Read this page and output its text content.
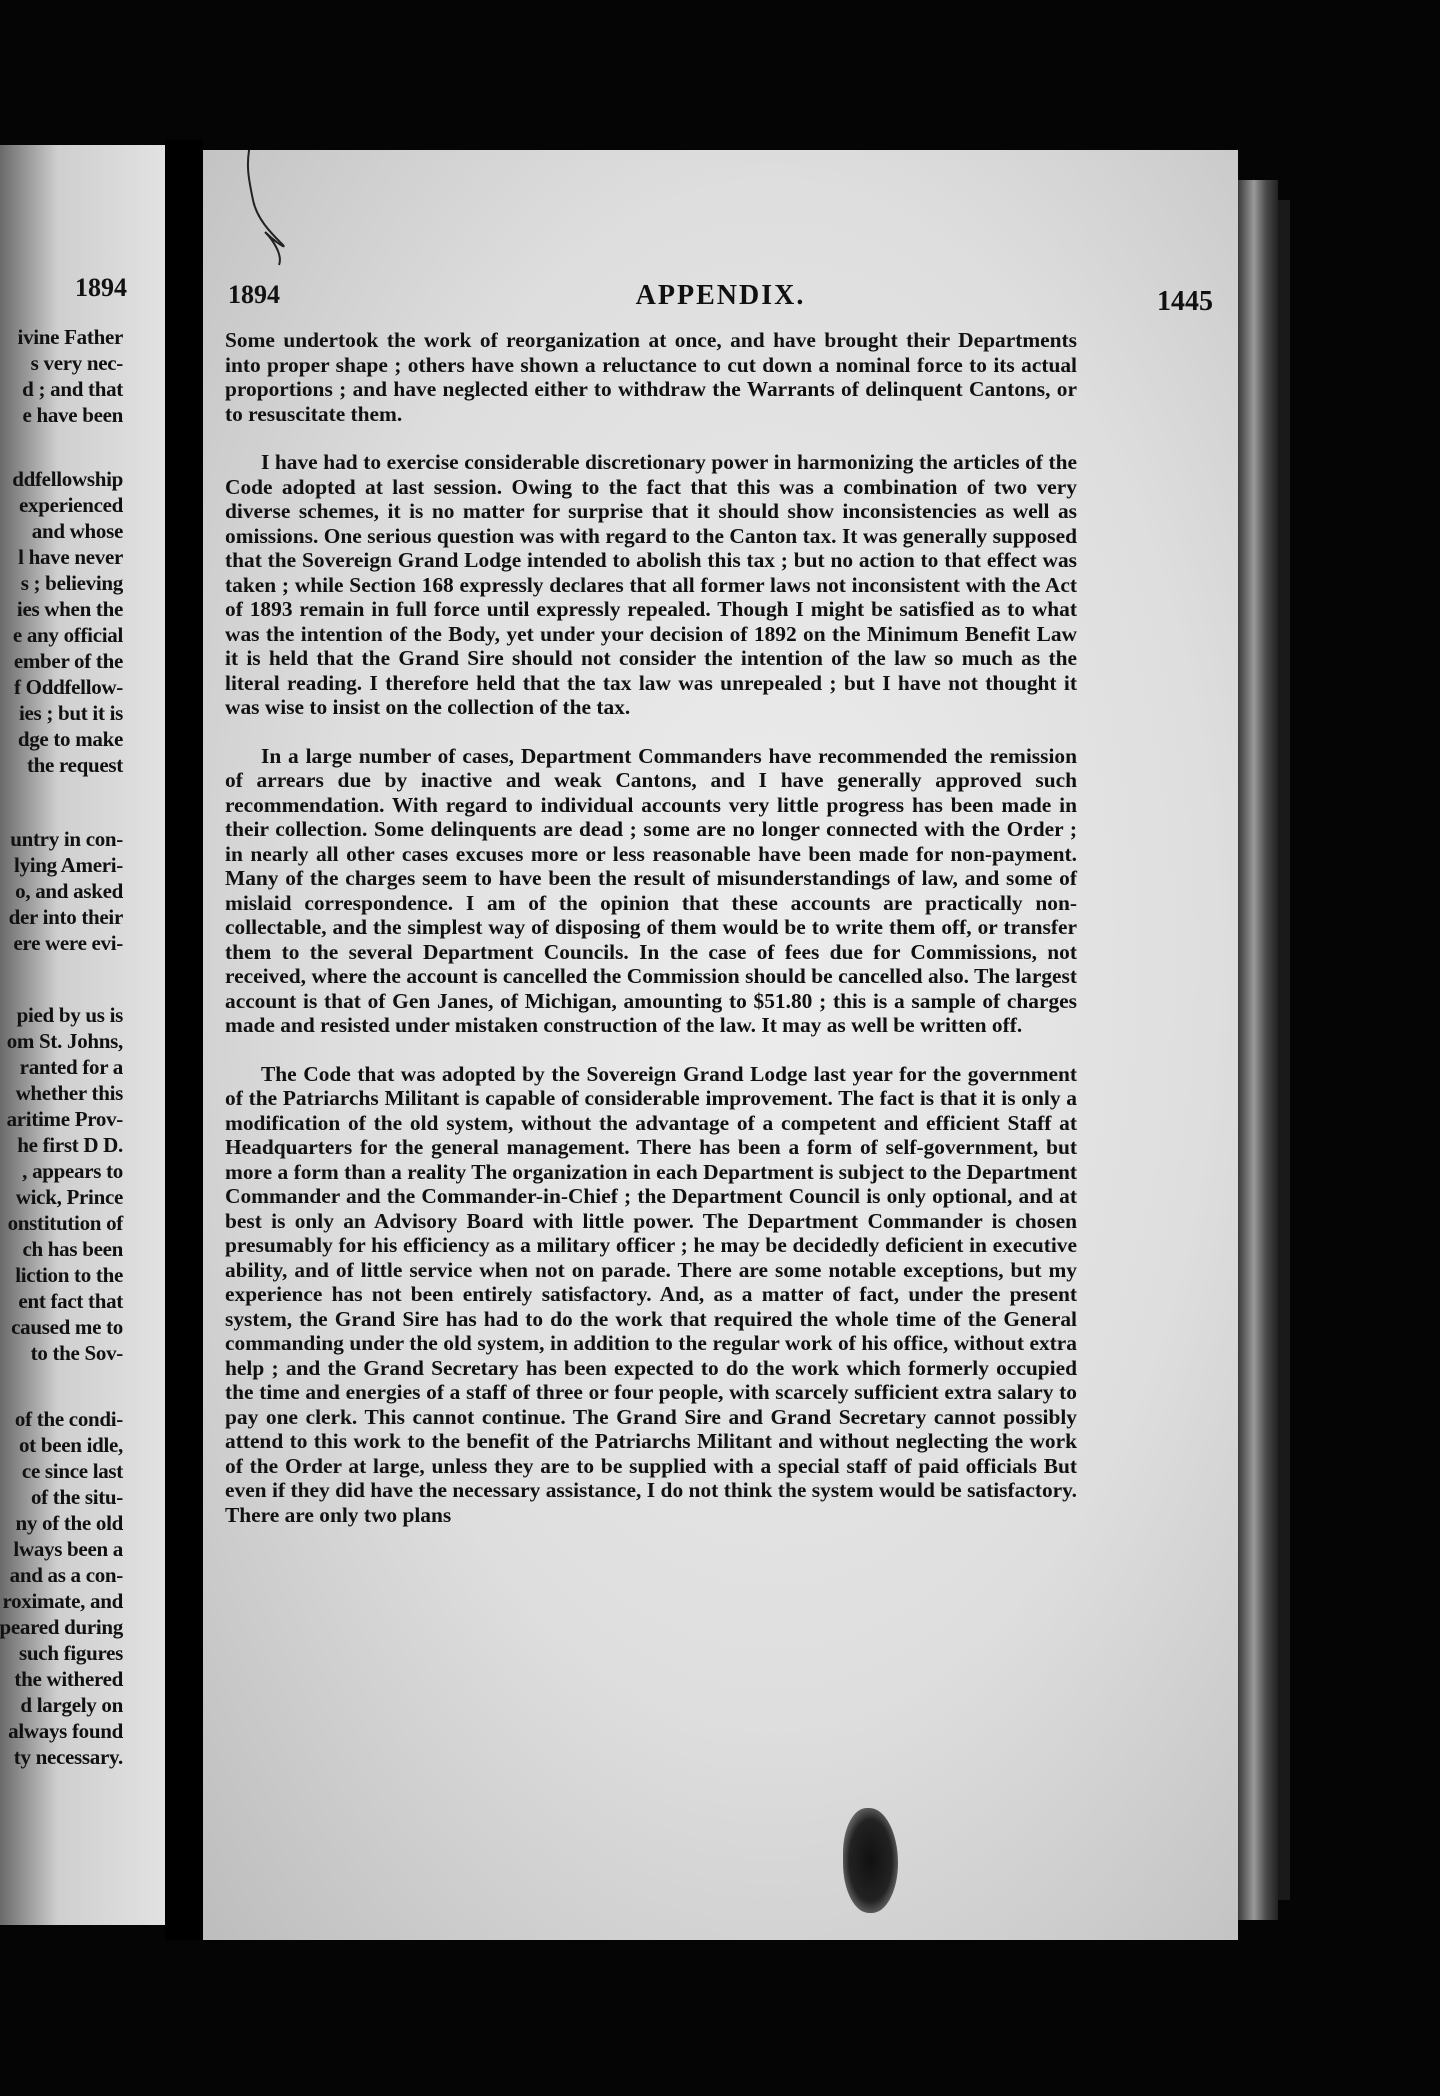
1894
ivine Father
s very nec-
d ; and that
e have been
ddfellowship
experienced
and whose
l have never
s ; believing
ies when the
e any official
ember of the
f Oddfellow-
ies ; but it is
dge to make
the request
untry in con-
lying Ameri-
o, and asked
der into their
ere were evi-
pied by us is
om St. Johns,
ranted for a
whether this
aritime Prov-
he first D D.
, appears to
wick, Prince
onstitution of
ch has been
liction to the
ent fact that
caused me to
to the Sov-
of the condi-
ot been idle,
ce since last
of the situ-
ny of the old
lways been a
and as a con-
roximate, and
peared during
such figures
the withered
d largely on
always found
ty necessary.
1894	APPENDIX.	1445

Some undertook the work of reorganization at once, and have brought their Departments into proper shape ; others have shown a reluctance to cut down a nominal force to its actual proportions ; and have neglected either to withdraw the Warrants of delinquent Cantons, or to resuscitate them.

I have had to exercise considerable discretionary power in harmonizing the articles of the Code adopted at last session. Owing to the fact that this was a combination of two very diverse schemes, it is no matter for surprise that it should show inconsistencies as well as omissions. One serious question was with regard to the Canton tax. It was generally supposed that the Sovereign Grand Lodge intended to abolish this tax ; but no action to that effect was taken ; while Section 168 expressly declares that all former laws not inconsistent with the Act of 1893 remain in full force until expressly repealed. Though I might be satisfied as to what was the intention of the Body, yet under your decision of 1892 on the Minimum Benefit Law it is held that the Grand Sire should not consider the intention of the law so much as the literal reading. I therefore held that the tax law was unrepealed ; but I have not thought it was wise to insist on the collection of the tax.

In a large number of cases, Department Commanders have recommended the remission of arrears due by inactive and weak Cantons, and I have generally approved such recommendation. With regard to individual accounts very little progress has been made in their collection. Some delinquents are dead ; some are no longer connected with the Order ; in nearly all other cases excuses more or less reasonable have been made for non-payment. Many of the charges seem to have been the result of misunderstandings of law, and some of mislaid correspondence. I am of the opinion that these accounts are practically non-collectable, and the simplest way of disposing of them would be to write them off, or transfer them to the several Department Councils. In the case of fees due for Commissions, not received, where the account is cancelled the Commission should be cancelled also. The largest account is that of Gen Janes, of Michigan, amounting to $51.80 ; this is a sample of charges made and resisted under mistaken construction of the law. It may as well be written off.

The Code that was adopted by the Sovereign Grand Lodge last year for the government of the Patriarchs Militant is capable of considerable improvement. The fact is that it is only a modification of the old system, without the advantage of a competent and efficient Staff at Headquarters for the general management. There has been a form of self-government, but more a form than a reality The organization in each Department is subject to the Department Commander and the Commander-in-Chief ; the Department Council is only optional, and at best is only an Advisory Board with little power. The Department Commander is chosen presumably for his efficiency as a military officer ; he may be decidedly deficient in executive ability, and of little service when not on parade. There are some notable exceptions, but my experience has not been entirely satisfactory. And, as a matter of fact, under the present system, the Grand Sire has had to do the work that required the whole time of the General commanding under the old system, in addition to the regular work of his office, without extra help ; and the Grand Secretary has been expected to do the work which formerly occupied the time and energies of a staff of three or four people, with scarcely sufficient extra salary to pay one clerk. This cannot continue. The Grand Sire and Grand Secretary cannot possibly attend to this work to the benefit of the Patriarchs Militant and without neglecting the work of the Order at large, unless they are to be supplied with a special staff of paid officials But even if they did have the necessary assistance, I do not think the system would be satisfactory. There are only two plans
